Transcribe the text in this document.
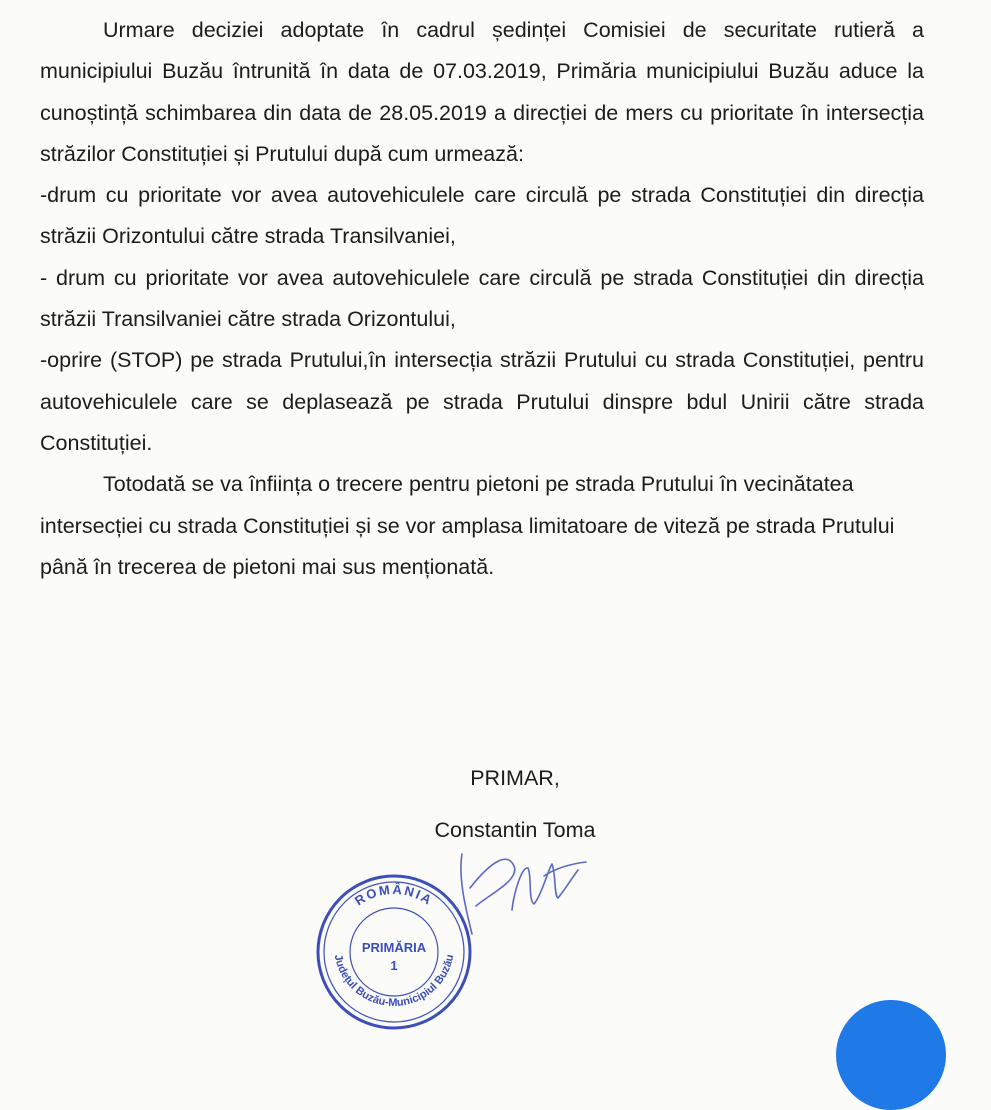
Urmare deciziei adoptate în cadrul ședinței Comisiei de securitate rutieră a municipiului Buzău întrunită în data de 07.03.2019, Primăria municipiului Buzău aduce la cunoștință schimbarea din data de 28.05.2019 a direcției de mers cu prioritate în intersecția străzilor Constituției și Prutului după cum urmează:

-drum cu prioritate vor avea autovehiculele care circulă pe strada Constituției din direcția străzii Orizontului către strada Transilvaniei,

- drum cu prioritate vor avea autovehiculele care circulă pe strada Constituției din direcția străzii Transilvaniei către strada Orizontului,

-oprire (STOP) pe strada Prutului,în intersecția străzii Prutului cu strada Constituției, pentru autovehiculele care se deplasează pe strada Prutului dinspre bdul Unirii către strada Constituției.

Totodată se va înființa o trecere pentru pietoni pe strada Prutului în vecinătatea intersecției cu strada Constituției și se vor amplasa limitatoare de viteză pe strada Prutului până în trecerea de pietoni mai sus menționată.

PRIMAR,
Constantin Toma
ROMÂNIA
Județul Buzău-Municipiul Buzău
PRIMĂRIA
1
